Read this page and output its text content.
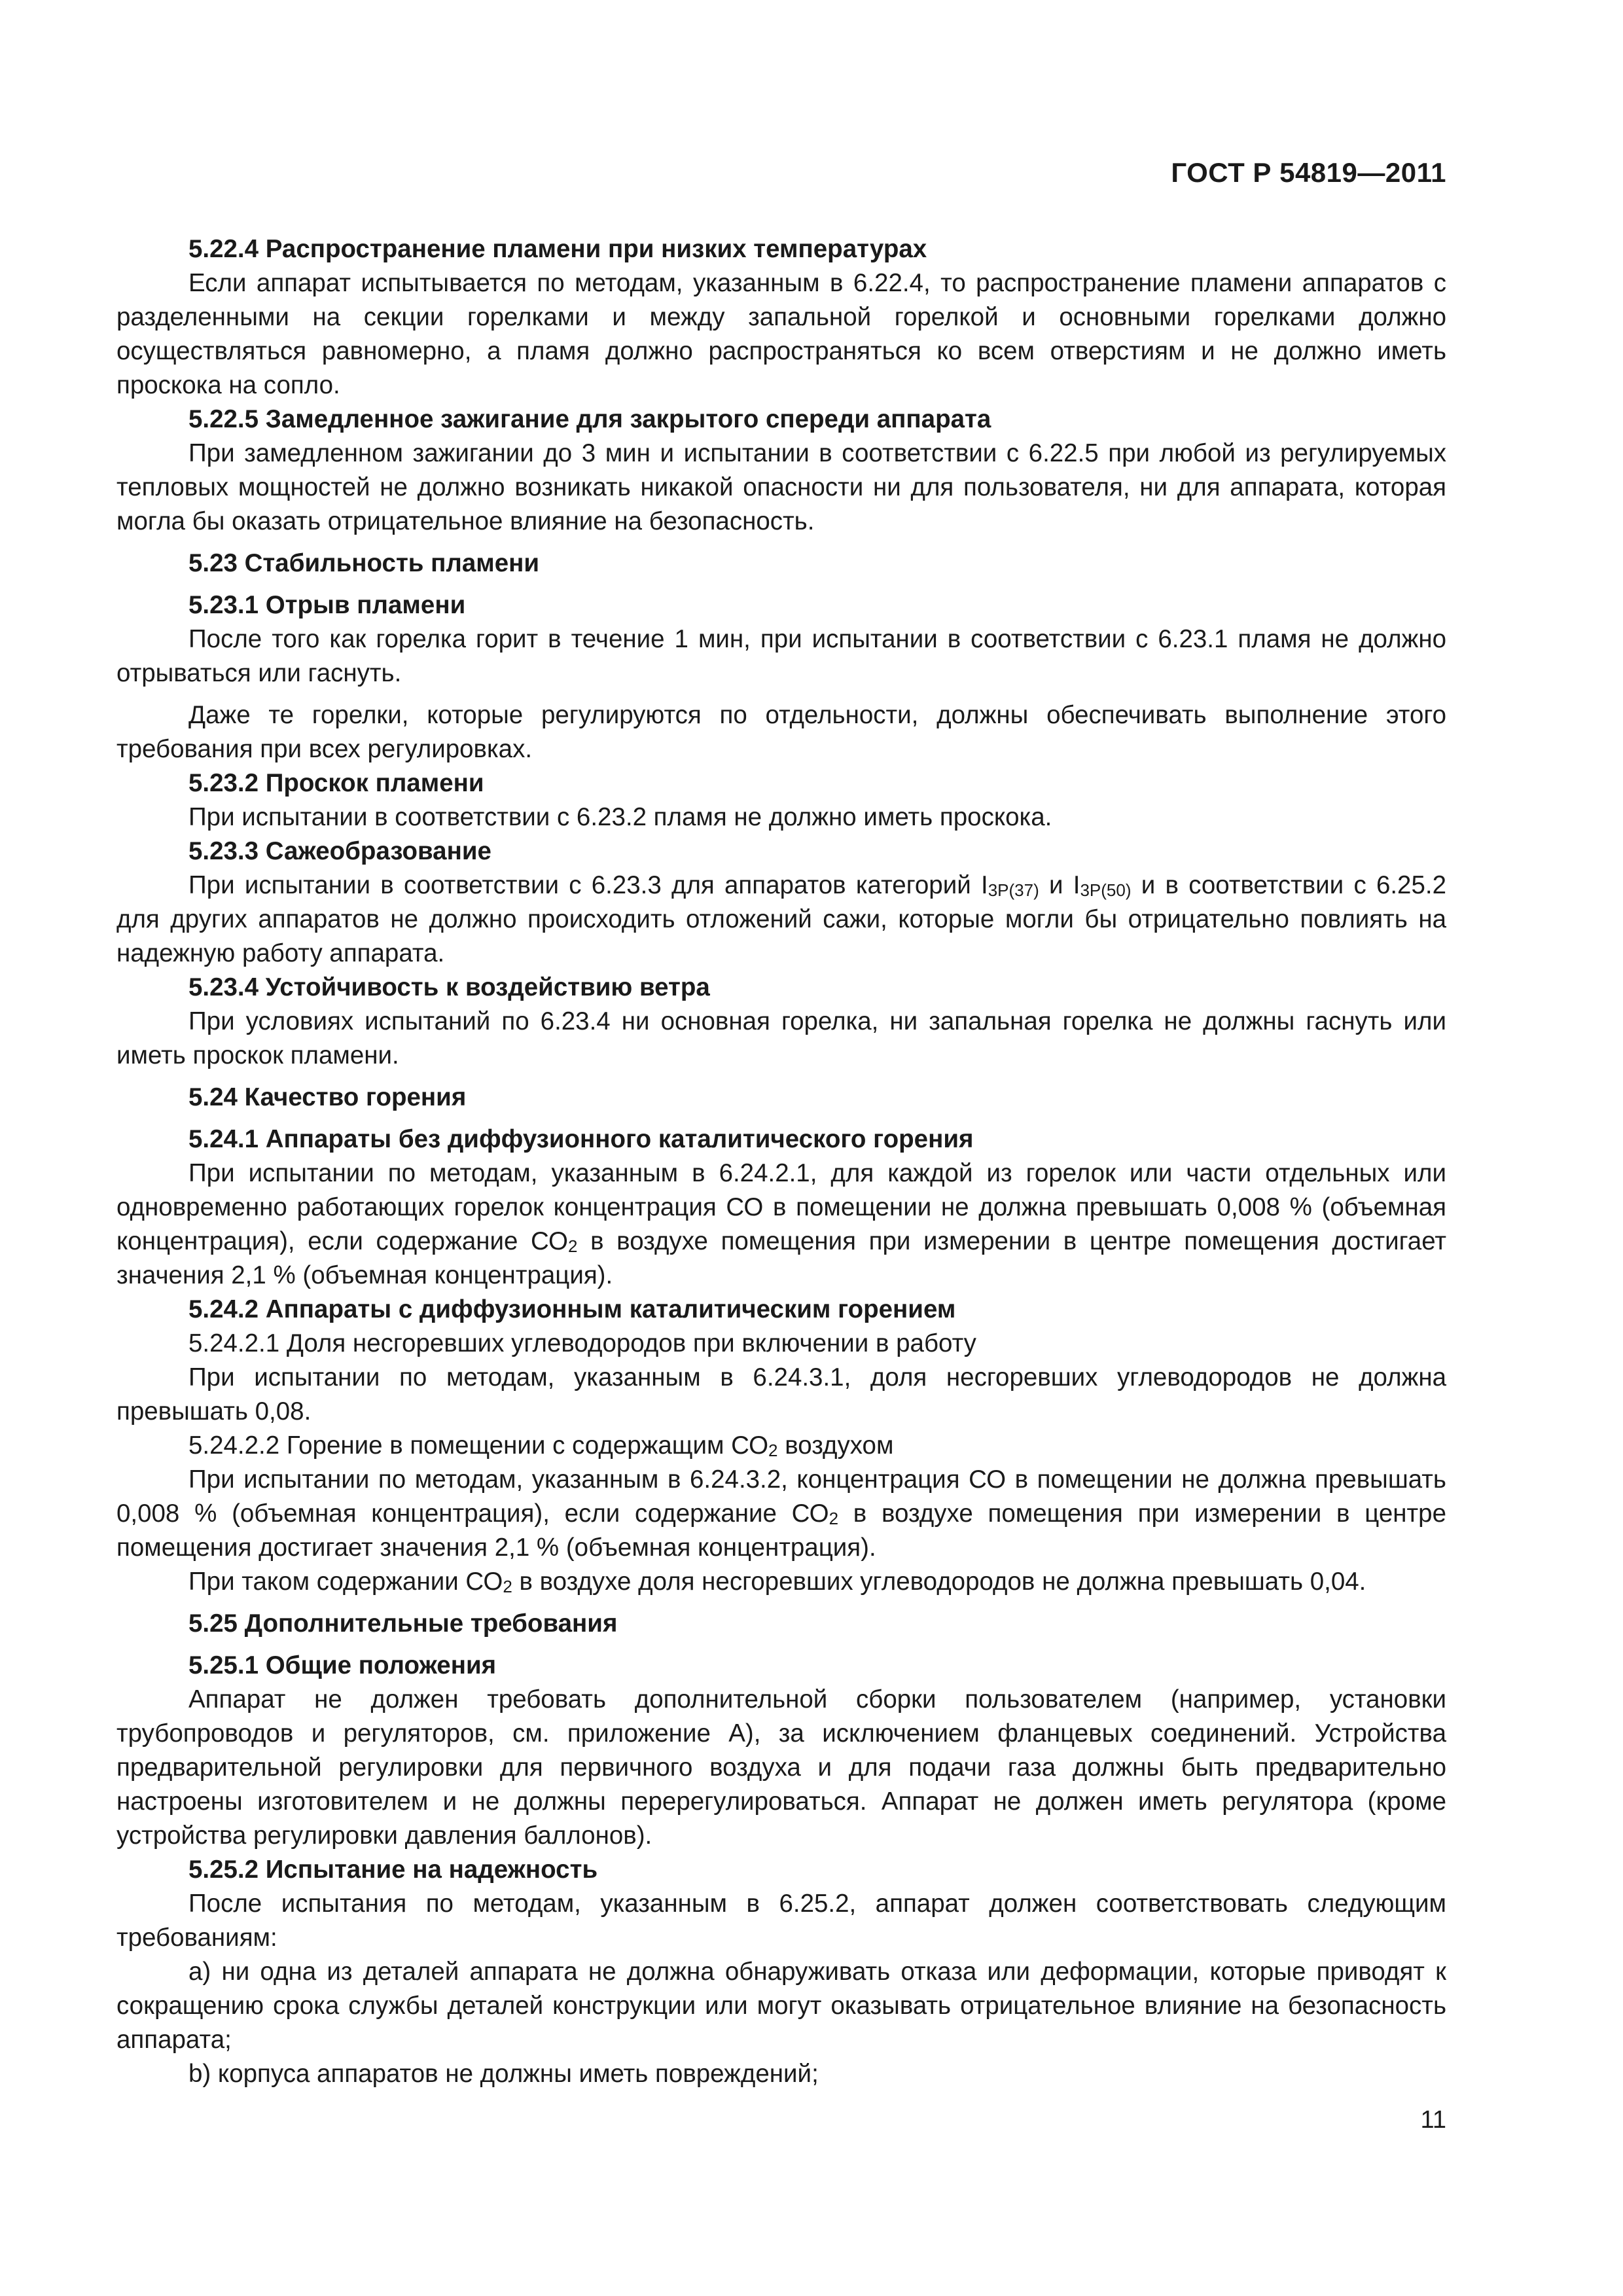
ГОСТ Р 54819—2011
5.22.4 Распространение пламени при низких температурах

Если аппарат испытывается по методам, указанным в 6.22.4, то распространение пламени аппаратов с разделенными на секции горелками и между запальной горелкой и основными горелками должно осуществляться равномерно, а пламя должно распространяться ко всем отверстиям и не должно иметь проскока на сопло.

5.22.5 Замедленное зажигание для закрытого спереди аппарата

При замедленном зажигании до 3 мин и испытании в соответствии с 6.22.5 при любой из регулируемых тепловых мощностей не должно возникать никакой опасности ни для пользователя, ни для аппарата, которая могла бы оказать отрицательное влияние на безопасность.

5.23 Стабильность пламени
5.23.1 Отрыв пламени

После того как горелка горит в течение 1 мин, при испытании в соответствии с 6.23.1 пламя не должно отрываться или гаснуть.

Даже те горелки, которые регулируются по отдельности, должны обеспечивать выполнение этого требования при всех регулировках.

5.23.2 Проскок пламени

При испытании в соответствии с 6.23.2 пламя не должно иметь проскока.

5.23.3 Сажеобразование

При испытании в соответствии с 6.23.3 для аппаратов категорий $I_{3P(37)}$ и $I_{3P(50)}$ и в соответствии с 6.25.2 для других аппаратов не должно происходить отложений сажи, которые могли бы отрицательно повлиять на надежную работу аппарата.

5.23.4 Устойчивость к воздействию ветра

При условиях испытаний по 6.23.4 ни основная горелка, ни запальная горелка не должны гаснуть или иметь проскок пламени.

5.24 Качество горения
5.24.1 Аппараты без диффузионного каталитического горения

При испытании по методам, указанным в 6.24.2.1, для каждой из горелок или части отдельных или одновременно работающих горелок концентрация СО в помещении не должна превышать 0,008 % (объемная концентрация), если содержание $СО_2$ в воздухе помещения при измерении в центре помещения достигает значения 2,1 % (объемная концентрация).

5.24.2 Аппараты с диффузионным каталитическим горением

5.24.2.1 Доля несгоревших углеводородов при включении в работу

При испытании по методам, указанным в 6.24.3.1, доля несгоревших углеводородов не должна превышать 0,08.

5.24.2.2 Горение в помещении с содержащим $СО_2$ воздухом

При испытании по методам, указанным в 6.24.3.2, концентрация СО в помещении не должна превышать 0,008 % (объемная концентрация), если содержание $СО_2$ в воздухе помещения при измерении в центре помещения достигает значения 2,1 % (объемная концентрация).

При таком содержании $СО_2$ в воздухе доля несгоревших углеводородов не должна превышать 0,04.

5.25 Дополнительные требования
5.25.1 Общие положения

Аппарат не должен требовать дополнительной сборки пользователем (например, установки трубопроводов и регуляторов, см. приложение А), за исключением фланцевых соединений. Устройства предварительной регулировки для первичного воздуха и для подачи газа должны быть предварительно настроены изготовителем и не должны перерегулироваться. Аппарат не должен иметь регулятора (кроме устройства регулировки давления баллонов).

5.25.2 Испытание на надежность

После испытания по методам, указанным в 6.25.2, аппарат должен соответствовать следующим требованиям:

a) ни одна из деталей аппарата не должна обнаруживать отказа или деформации, которые приводят к сокращению срока службы деталей конструкции или могут оказывать отрицательное влияние на безопасность аппарата;

b) корпуса аппаратов не должны иметь повреждений;

11
